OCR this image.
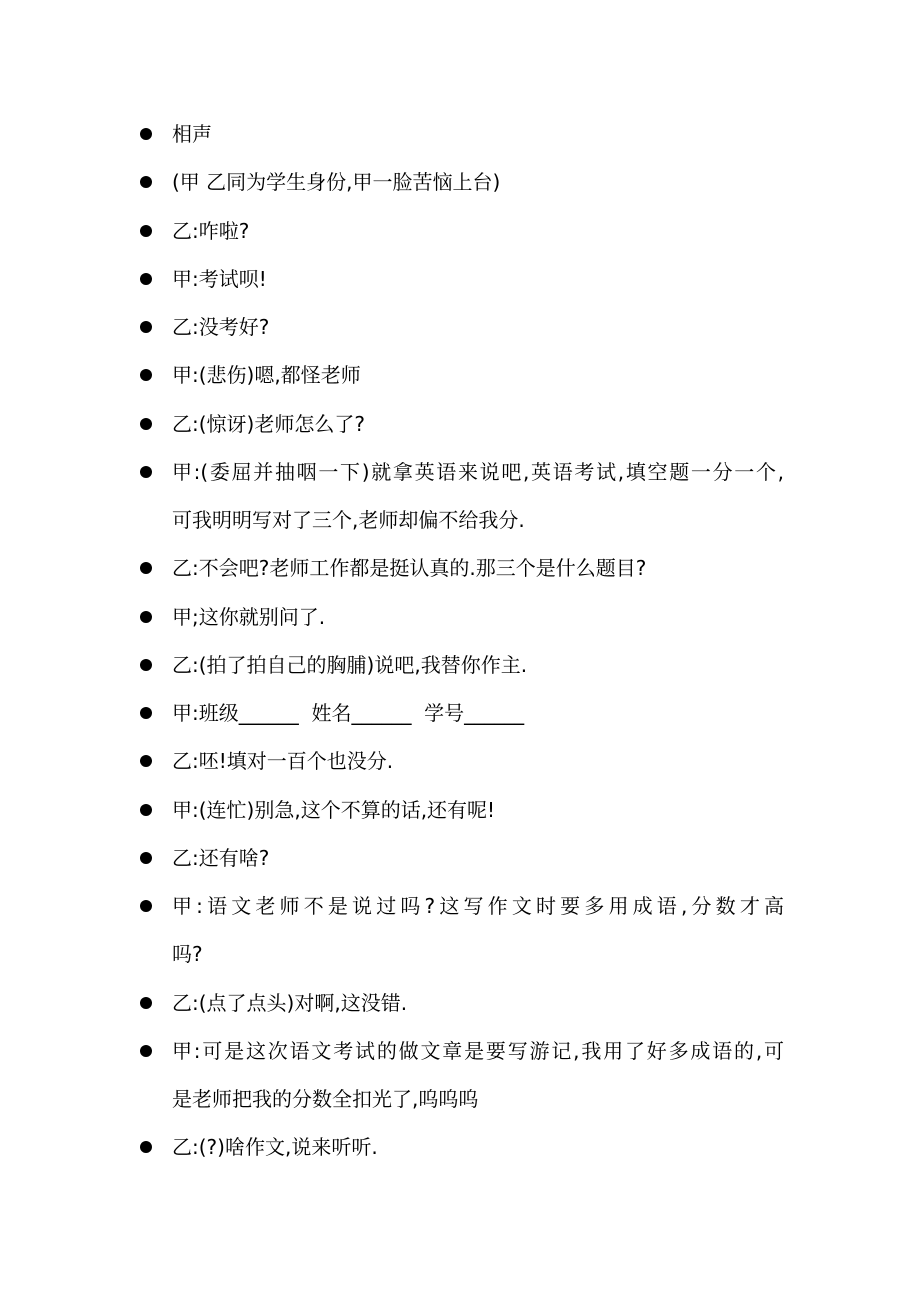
相声
(甲 乙同为学生身份,甲一脸苦恼上台)
乙:咋啦?
甲:考试呗!
乙:没考好?
甲:(悲伤)嗯,都怪老师
乙:(惊讶)老师怎么了?
甲:(委屈并抽咽一下)就拿英语来说吧,英语考试,填空题一分一个,
可我明明写对了三个,老师却偏不给我分.
乙:不会吧?老师工作都是挺认真的.那三个是什么题目?
甲;这你就别问了.
乙:(拍了拍自己的胸脯)说吧,我替你作主.
甲:班级______  姓名______  学号______
乙:呸!填对一百个也没分.
甲:(连忙)别急,这个不算的话,还有呢!
乙:还有啥?
甲:语文老师不是说过吗?这写作文时要多用成语,分数才高
吗?
乙:(点了点头)对啊,这没错.
甲:可是这次语文考试的做文章是要写游记,我用了好多成语的,可
是老师把我的分数全扣光了,呜呜呜
乙:(?)啥作文,说来听听.
